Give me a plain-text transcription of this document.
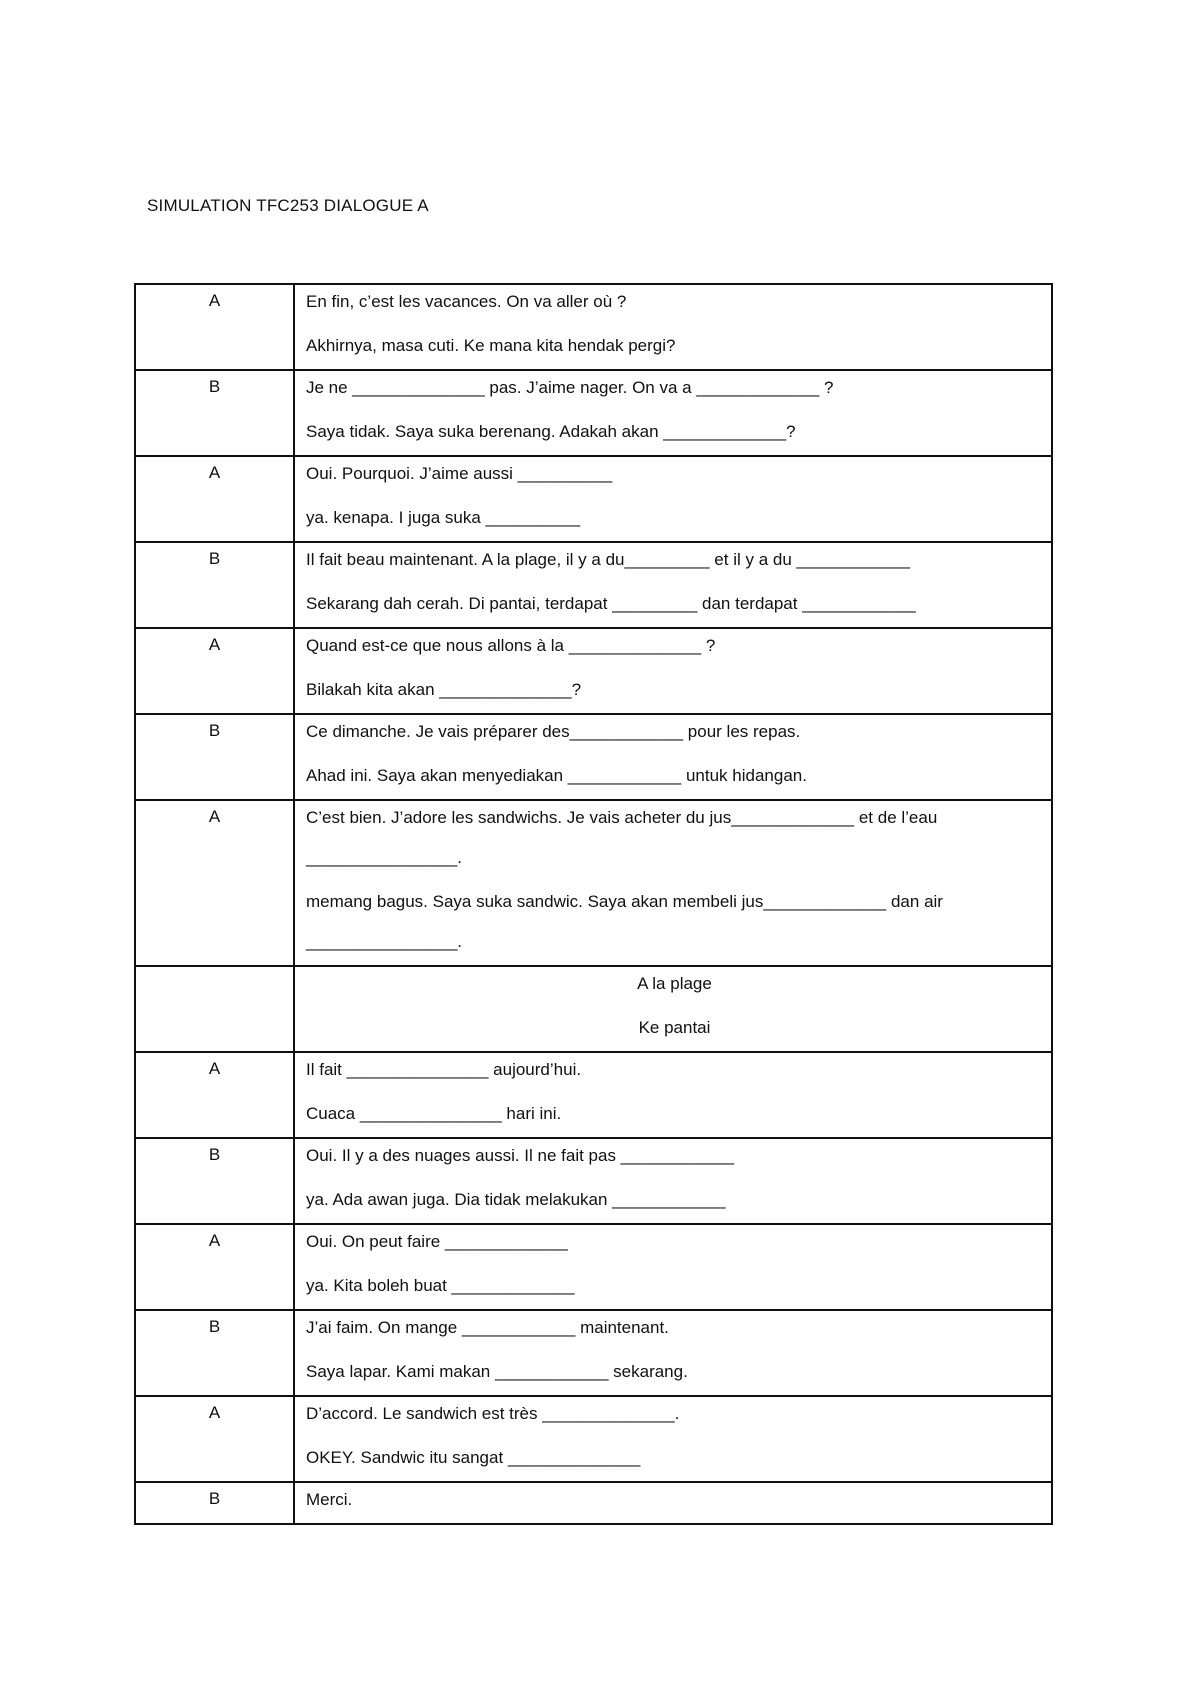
SIMULATION TFC253 DIALOGUE A
A	En fin, c’est les vacances. On va aller où ?
Akhirnya, masa cuti. Ke mana kita hendak pergi?

B	Je ne ______________ pas. J’aime nager. On va a _____________ ?
Saya tidak. Saya suka berenang. Adakah akan _____________?

A	Oui. Pourquoi. J’aime aussi __________
ya. kenapa. I juga suka __________

B	Il fait beau maintenant. A la plage, il y a du_________ et il y a du ____________
Sekarang dah cerah. Di pantai, terdapat _________ dan terdapat ____________

A	Quand est-ce que nous allons à la ______________ ?
Bilakah kita akan ______________?

B	Ce dimanche. Je vais préparer des____________ pour les repas.
Ahad ini. Saya akan menyediakan ____________ untuk hidangan.

A	C’est bien. J’adore les sandwichs. Je vais acheter du jus_____________ et de l’eau
________________.
memang bagus. Saya suka sandwic. Saya akan membeli jus_____________ dan air
________________.

	A la plage
Ke pantai

A	Il fait _______________ aujourd’hui.
Cuaca _______________ hari ini.

B	Oui. Il y a des nuages aussi. Il ne fait pas ____________
ya. Ada awan juga. Dia tidak melakukan ____________

A	Oui. On peut faire _____________
ya. Kita boleh buat _____________

B	J’ai faim. On mange ____________ maintenant.
Saya lapar. Kami makan ____________ sekarang.

A	D’accord. Le sandwich est très ______________.
OKEY. Sandwic itu sangat ______________

B	Merci.
